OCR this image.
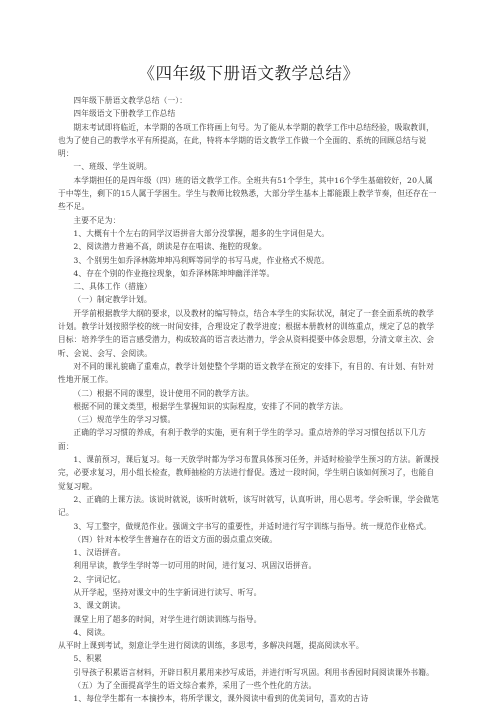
《四年级下册语文教学总结》

四年级下册语文教学总结（一）：

四年级语文下册教学工作总结

期末考试即将临近，本学期的各项工作将画上句号。为了能从本学期的教学工作中总结经验，吸取教训，也为了使自己的教学水平有所提高，在此，特将本学期的语文教学工作做一个全面的、系统的回顾总结与说明：

一、班级、学生说明。

本学期担任的是四年级（四）班的语文教学工作。全班共有51个学生，其中16个学生基础较好，20人属于中等生，剩下的15人属于学困生。学生与教师比较熟悉，大部分学生基本上都能跟上教学节奏，但还存在一些不足。

主要不足为：

1、大概有十个左右的同学汉语拼音大部分没掌握，超多的生字词但是大。

2、阅读潜力普遍不高，朗读是存在唱读、拖腔的现象。

3、个别男生如乔泽林陈坤坤冯利辉等同学的书写马虎，作业格式不规范。

4、存在个别的作业拖拉现象，如乔泽林陈坤坤幽洋洋等。

二、具体工作（措施）

（一）制定教学计划。

开学前根据教学大纲的要求，以及教材的编写特点，结合本学生的实际状况，制定了一套全面系统的教学计划。教学计划按照学校的统一时间安排，合理设定了教学进度；根据本册教材的训练重点，规定了总的教学目标：培养学生的语言感受潜力，构成较高的语言表达潜力，学会从资料提要中体会思想，分清文章主次、会听、会说、会写、会阅读。

对不同的课礼貌确了重难点，教学计划使整个学期的语文教学在预定的安排下，有目的、有计划、有针对性地开展工作。

（二）根据不同的课型，设计使用不同的教学方法。

根据不同的课文类型，根据学生掌握知识的实际程度，安排了不同的教学方法。

（三）规范学生的学习习惯。

正确的学习习惯的养成，有利于教学的实施，更有利于学生的学习。重点培养的学习习惯包括以下几方面：

1、课前预习，课后复习。每一天放学时都为学习布置具体预习任务，并适时检验学生预习的方法。新课授完，必要求复习，用小组长检查，教师抽检的方法进行督促。透过一段时间，学生明白该如何预习了，也能自觉复习啦。

2、正确的上课方法。该说时就说，该听时就听，该写时就写，认真听讲，用心思考。学会听课，学会做笔记。

3、写工整字，做规范作业。强调文字书写的重要性，并适时进行写字训练与指导。统一规范作业格式。

（四）针对本校学生普遍存在的语文方面的弱点重点突破。

1、汉语拼音。

利用早读，教学生学时等一切可用的时间，进行复习、巩固汉语拼音。

2、字词记忆。

从开学起，坚持对课文中的生字新词进行读写、听写。

3、课文朗读。

课堂上用了超多的时间，对学生进行朗读训练与指导。

4、阅读。

从平时上课到考试，刻意让学生进行阅读的训练，多思考，多解决问题，提高阅读水平。

5、积累

引导孩子积累语言材料，开辟日积月累用来抄写成语，并进行听写巩固。利用书香园时间阅读课外书籍。

（五）为了全面提高学生的语文综合素养，采用了一些个性化的方法。

1、每位学生都有一本摘抄本，将所学课文，课外阅读中看到的优美词句，喜欢的古诗
